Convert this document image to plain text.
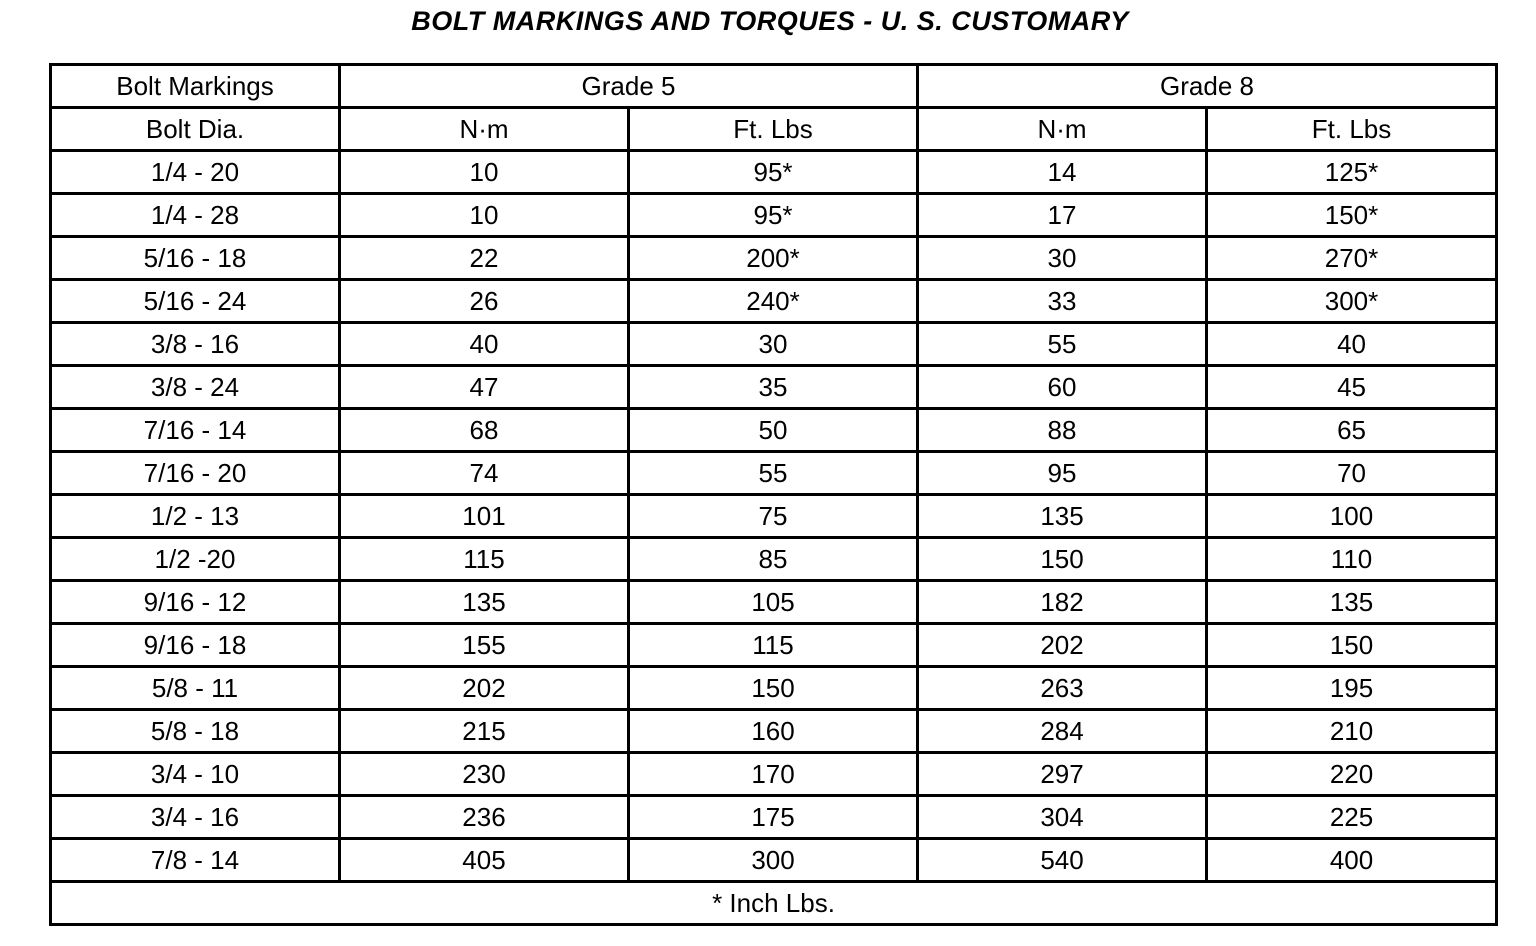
BOLT MARKINGS AND TORQUES - U. S. CUSTOMARY
Bolt Markings	Grade 5		Grade 8	
Bolt Dia.	N·m	Ft. Lbs	N·m	Ft. Lbs
1/4 - 20	10	95*	14	125*
1/4 - 28	10	95*	17	150*
5/16 - 18	22	200*	30	270*
5/16 - 24	26	240*	33	300*
3/8 - 16	40	30	55	40
3/8 - 24	47	35	60	45
7/16 - 14	68	50	88	65
7/16 - 20	74	55	95	70
1/2 - 13	101	75	135	100
1/2 -20	115	85	150	110
9/16 - 12	135	105	182	135
9/16 - 18	155	115	202	150
5/8 - 11	202	150	263	195
5/8 - 18	215	160	284	210
3/4 - 10	230	170	297	220
3/4 - 16	236	175	304	225
7/8 - 14	405	300	540	400
* Inch Lbs.				
